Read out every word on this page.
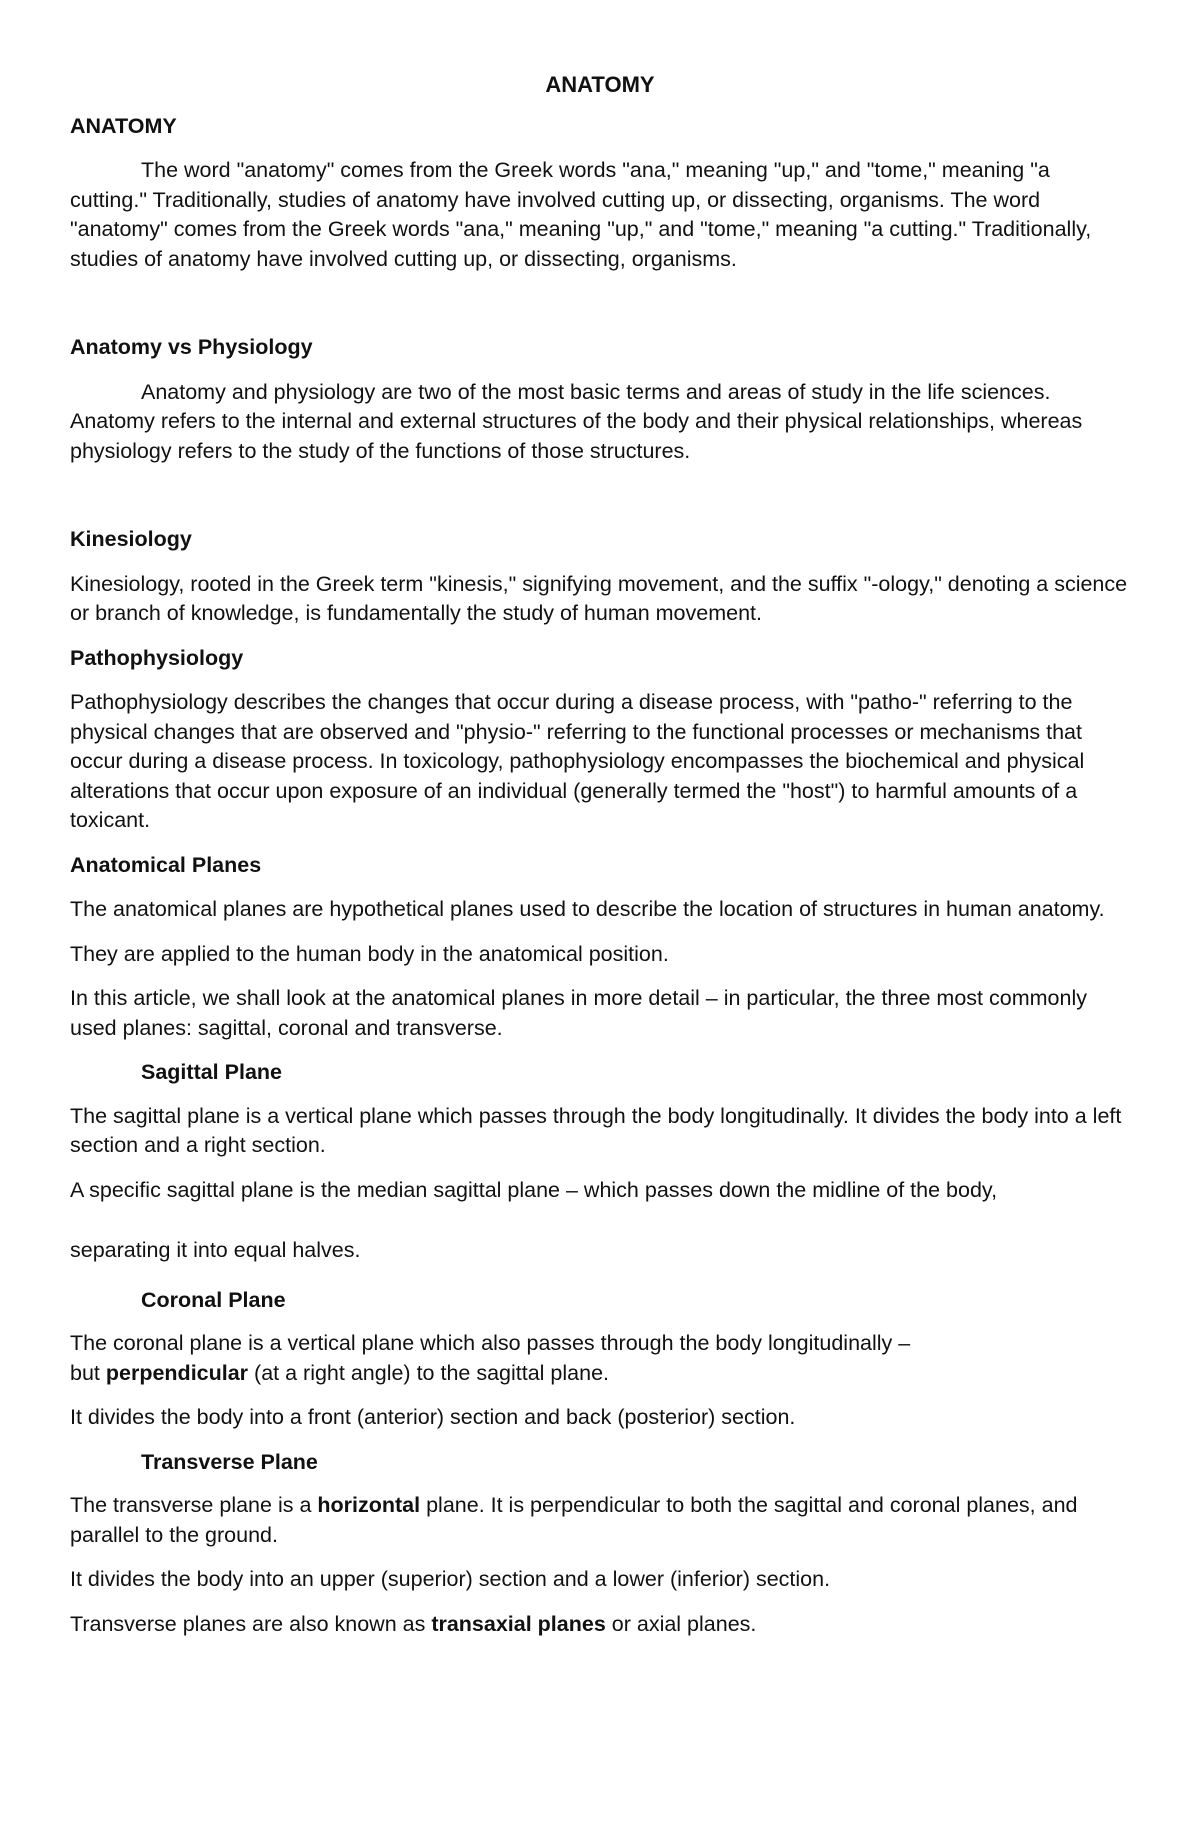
ANATOMY
ANATOMY

The word "anatomy" comes from the Greek words "ana," meaning "up," and "tome," meaning "a cutting." Traditionally, studies of anatomy have involved cutting up, or dissecting, organisms. The word "anatomy" comes from the Greek words "ana," meaning "up," and "tome," meaning "a cutting." Traditionally, studies of anatomy have involved cutting up, or dissecting, organisms.

Anatomy vs Physiology

Anatomy and physiology are two of the most basic terms and areas of study in the life sciences. Anatomy refers to the internal and external structures of the body and their physical relationships, whereas physiology refers to the study of the functions of those structures.

Kinesiology

Kinesiology, rooted in the Greek term "kinesis," signifying movement, and the suffix "-ology," denoting a science or branch of knowledge, is fundamentally the study of human movement.

Pathophysiology

Pathophysiology describes the changes that occur during a disease process, with "patho-" referring to the physical changes that are observed and "physio-" referring to the functional processes or mechanisms that occur during a disease process. In toxicology, pathophysiology encompasses the biochemical and physical alterations that occur upon exposure of an individual (generally termed the "host") to harmful amounts of a toxicant.

Anatomical Planes

The anatomical planes are hypothetical planes used to describe the location of structures in human anatomy.

They are applied to the human body in the anatomical position.

In this article, we shall look at the anatomical planes in more detail – in particular, the three most commonly used planes: sagittal, coronal and transverse.

Sagittal Plane

The sagittal plane is a vertical plane which passes through the body longitudinally. It divides the body into a left section and a right section.

A specific sagittal plane is the median sagittal plane – which passes down the midline of the body,

separating it into equal halves.

Coronal Plane

The coronal plane is a vertical plane which also passes through the body longitudinally –
but perpendicular (at a right angle) to the sagittal plane.

It divides the body into a front (anterior) section and back (posterior) section.

Transverse Plane

The transverse plane is a horizontal plane. It is perpendicular to both the sagittal and coronal planes, and parallel to the ground.

It divides the body into an upper (superior) section and a lower (inferior) section.

Transverse planes are also known as transaxial planes or axial planes.
